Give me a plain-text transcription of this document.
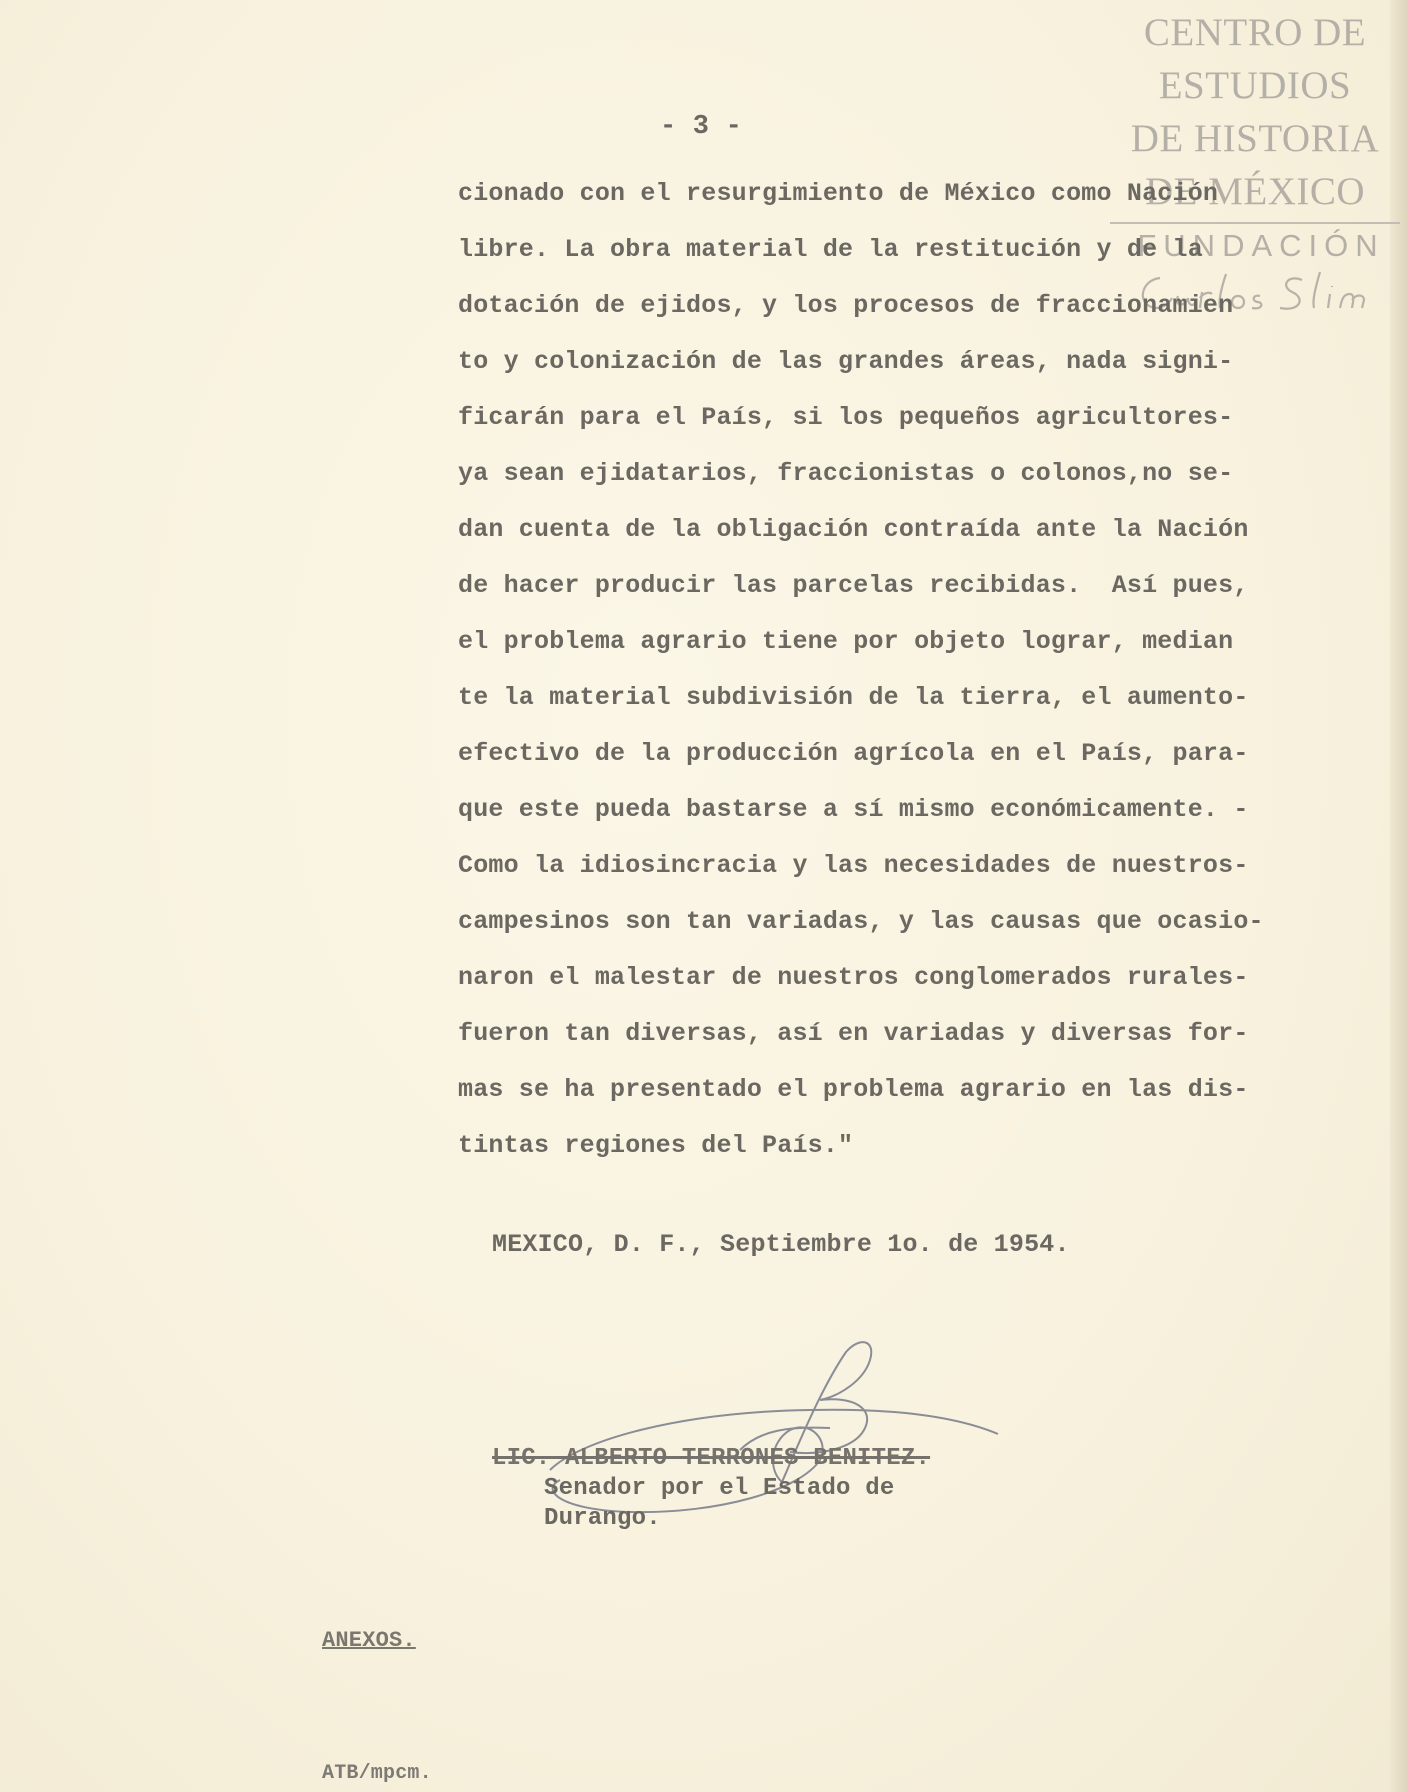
CENTRO DE
ESTUDIOS
DE HISTORIA
DE MÉXICO
FUNDACIÓN
- 3 -
cionado con el resurgimiento de México como Nación
libre. La obra material de la restitución y de la
dotación de ejidos, y los procesos de fraccionamien
to y colonización de las grandes áreas, nada signi-
ficarán para el País, si los pequeños agricultores-
ya sean ejidatarios, fraccionistas o colonos,no se-
dan cuenta de la obligación contraída ante la Nación
de hacer producir las parcelas recibidas.  Así pues,
el problema agrario tiene por objeto lograr, median
te la material subdivisión de la tierra, el aumento-
efectivo de la producción agrícola en el País, para-
que este pueda bastarse a sí mismo económicamente. -
Como la idiosincracia y las necesidades de nuestros-
campesinos son tan variadas, y las causas que ocasio-
naron el malestar de nuestros conglomerados rurales-
fueron tan diversas, así en variadas y diversas for-
mas se ha presentado el problema agrario en las dis-
tintas regiones del País."
MEXICO, D. F., Septiembre 1o. de 1954.
LIC. ALBERTO TERRONES BENITEZ.
Senador por el Estado de
Durango.
ANEXOS.
ATB/mpcm.
